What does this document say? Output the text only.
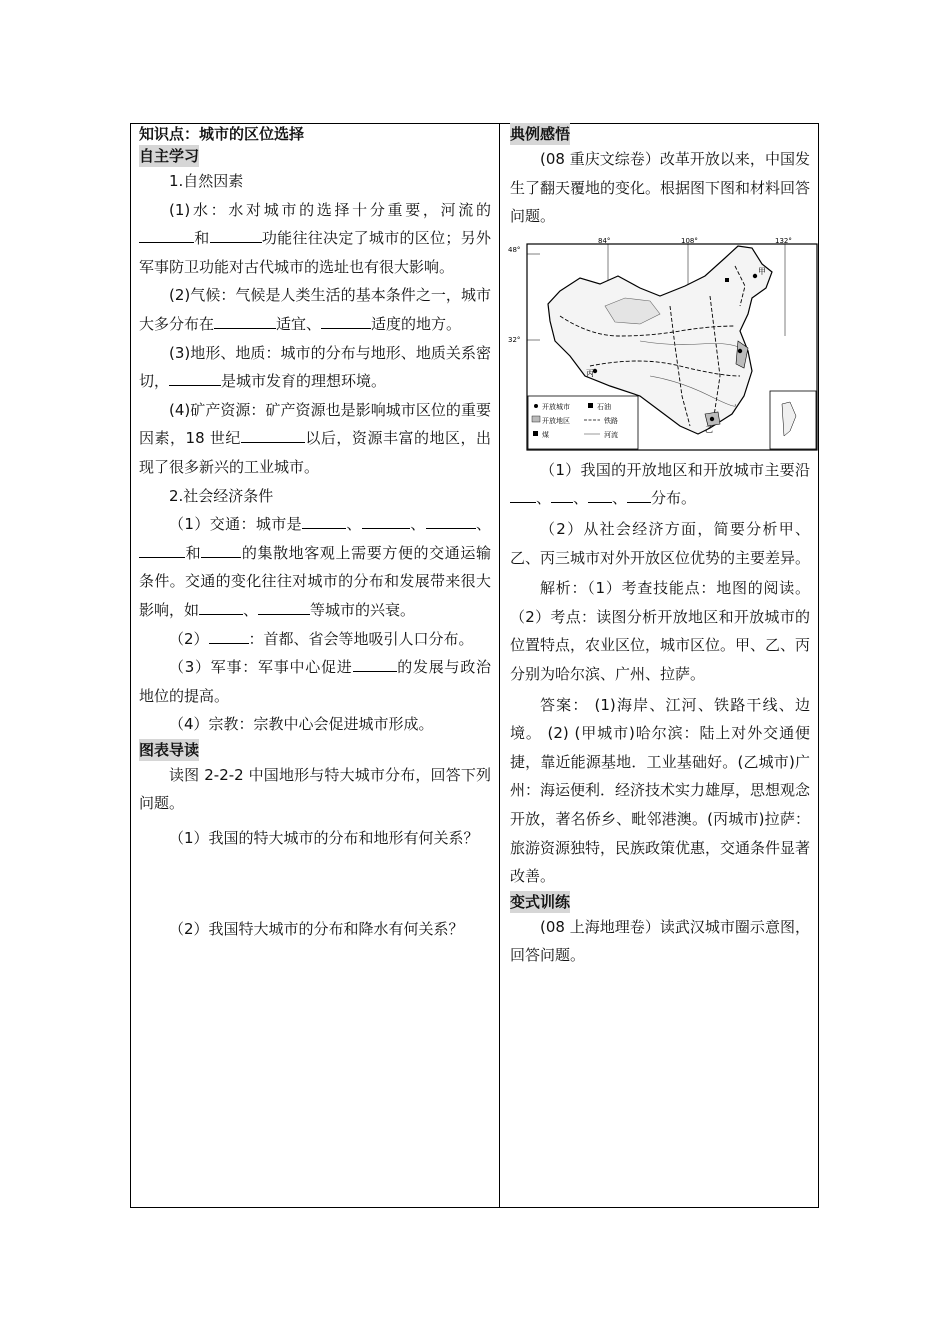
知识点：城市的区位选择
自主学习

1.自然因素

(1)水：水对城市的选择十分重要，河流的和	功能往往决定了城市的区位；另外军事防卫功能对古代城市的选址也有很大影响。

(2)气候：气候是人类生活的基本条件之一，城市大多分布在	适宜、	适度的地方。

(3)地形、地质：城市的分布与地形、地质关系密切，	是城市发育的理想环境。

(4)矿产资源：矿产资源也是影响城市区位的重要因素，18 世纪	以后，资源丰富的地区，出现了很多新兴的工业城市。

2.社会经济条件

（1）交通：城市是	、	、	、和	的集散地客观上需要方便的交通运输条件。交通的变化往往对城市的分布和发展带来很大影响，如	、	等城市的兴衰。

（2）	：首都、省会等地吸引人口分布。

（3）军事：军事中心促进	的发展与政治地位的提高。

（4）宗教：宗教中心会促进城市形成。

图表导读

读图 2-2-2 中国地形与特大城市分布，回答下列问题。

（1）我国的特大城市的分布和地形有何关系？

（2）我国特大城市的分布和降水有何关系？

典例感悟

(08 重庆文综卷）改革开放以来，中国发生了翻天覆地的变化。根据图下图和材料回答问题。

84°	108°	132°
48°
32°
甲
乙
丙
开放城市	石油
开放地区	铁路
煤	河流

（1）我国的开放地区和开放城市主要沿、 、 、 分布。

（2）从社会经济方面，简要分析甲、乙、丙三城市对外开放区位优势的主要差异。

解析：（1）考查技能点：地图的阅读。（2）考点：读图分析开放地区和开放城市的位置特点，农业区位，城市区位。甲、乙、丙分别为哈尔滨、广州、拉萨。

答案： (1)海岸、江河、铁路干线、边境。 (2) (甲城市)哈尔滨：陆上对外交通便捷，靠近能源基地．工业基础好。(乙城市)广州：海运便利．经济技术实力雄厚，思想观念开放，著名侨乡、毗邻港澳。(丙城市)拉萨：旅游资源独特，民族政策优惠，交通条件显著改善。

变式训练

(08 上海地理卷）读武汉城市圈示意图，回答问题。
